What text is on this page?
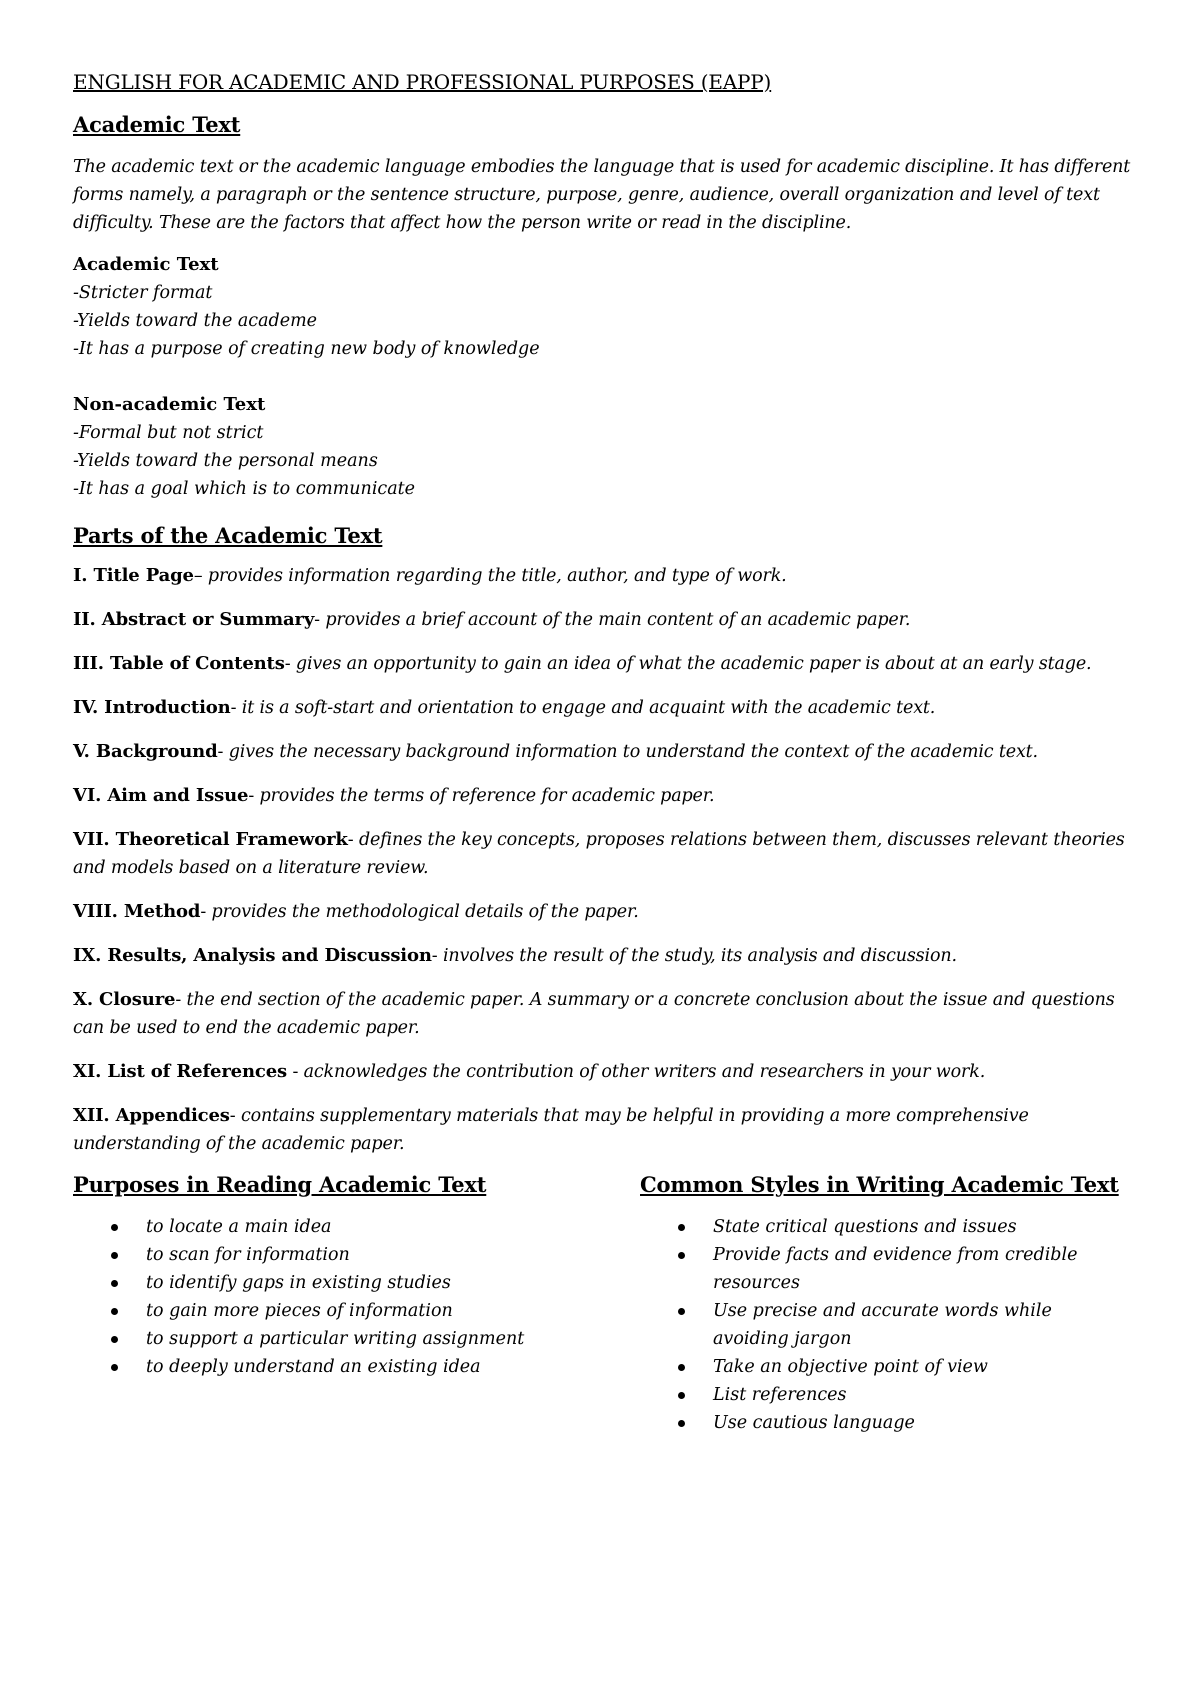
ENGLISH FOR ACADEMIC AND PROFESSIONAL PURPOSES (EAPP)
Academic Text

The academic text or the academic language embodies the language that is used for academic discipline. It has different forms namely, a paragraph or the sentence structure, purpose, genre, audience, overall organization and level of text difficulty. These are the factors that affect how the person write or read in the discipline.

Academic Text
-Stricter format
-Yields toward the academe
-It has a purpose of creating new body of knowledge
Non-academic Text
-Formal but not strict
-Yields toward the personal means
-It has a goal which is to communicate
Parts of the Academic Text

I. Title Page– provides information regarding the title, author, and type of work.

II. Abstract or Summary- provides a brief account of the main content of an academic paper.

III. Table of Contents- gives an opportunity to gain an idea of what the academic paper is about at an early stage.

IV. Introduction- it is a soft-start and orientation to engage and acquaint with the academic text.

V. Background- gives the necessary background information to understand the context of the academic text.

VI. Aim and Issue- provides the terms of reference for academic paper.

VII. Theoretical Framework- defines the key concepts, proposes relations between them, discusses relevant theories and models based on a literature review.

VIII. Method- provides the methodological details of the paper.

IX. Results, Analysis and Discussion- involves the result of the study, its analysis and discussion.

X. Closure- the end section of the academic paper. A summary or a concrete conclusion about the issue and questions can be used to end the academic paper.

XI. List of References - acknowledges the contribution of other writers and researchers in your work.

XII. Appendices- contains supplementary materials that may be helpful in providing a more comprehensive understanding of the academic paper.

Purposes in Reading Academic Text
to locate a main idea
to scan for information
to identify gaps in existing studies
to gain more pieces of information
to support a particular writing assignment
to deeply understand an existing idea
Common Styles in Writing Academic Text
State critical questions and issues
Provide facts and evidence from credible resources
Use precise and accurate words while avoiding jargon
Take an objective point of view
List references
Use cautious language
